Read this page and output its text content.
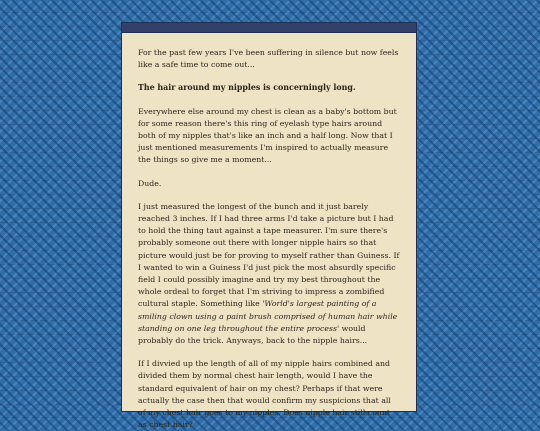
For the past few years I've been suffering in silence but now feels like a safe time to come out...

The hair around my nipples is concerningly long.

Everywhere else around my chest is clean as a baby's bottom but for some reason there's this ring of eyelash type hairs around both of my nipples that's like an inch and a half long. Now that I just mentioned measurements I'm inspired to actually measure the things so give me a moment...

Dude.

I just measured the longest of the bunch and it just barely reached 3 inches. If I had three arms I'd take a picture but I had to hold the thing taut against a tape measurer. I'm sure there's probably someone out there with longer nipple hairs so that picture would just be for proving to myself rather than Guiness. If I wanted to win a Guiness I'd just pick the most absurdly specific field I could possibly imagine and try my best throughout the whole ordeal to forget that I'm striving to impress a zombified cultural staple. Something like 'World's largest painting of a smiling clown using a paint brush comprised of human hair while standing on one leg throughout the entire process' would probably do the trick. Anyways, back to the nipple hairs...

If I divvied up the length of all of my nipple hairs combined and divided them by normal chest hair length, would I have the standard equivalent of hair on my chest? Perhaps if that were actually the case then that would confirm my suspicions that all of my chest hair goes to my nipples. Does nipple hair still count as chest hair?
